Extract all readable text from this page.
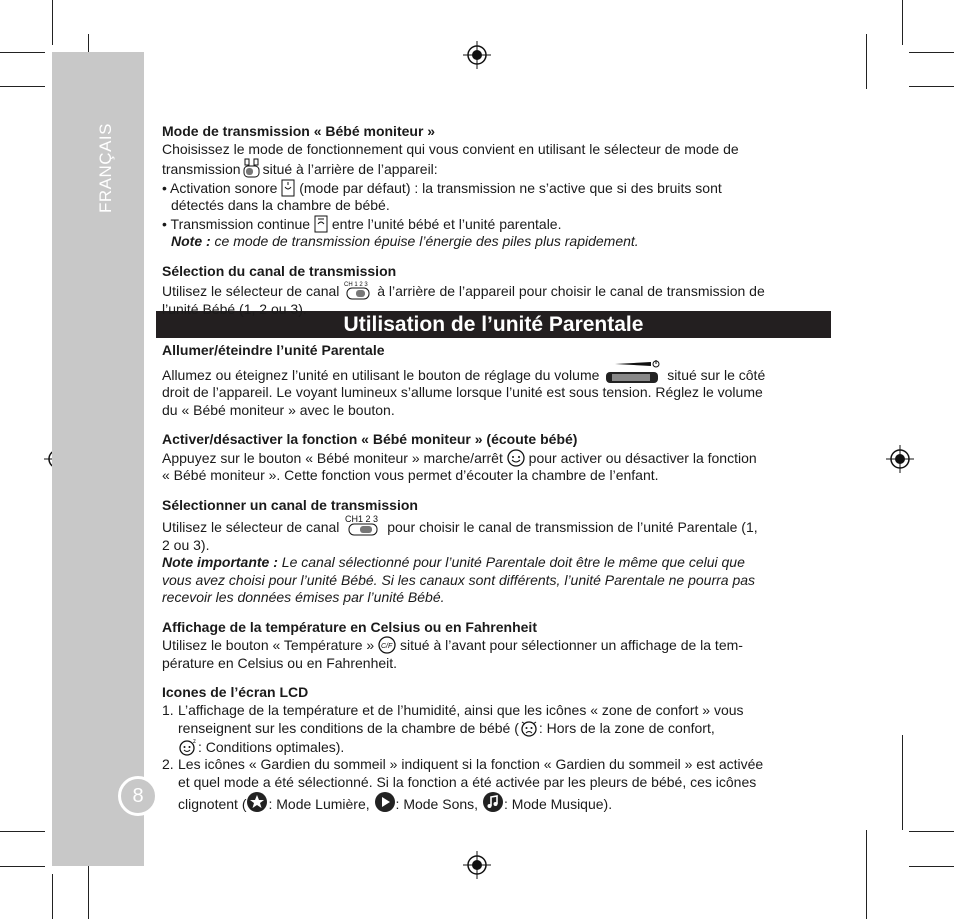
FRANÇAIS
8
Utilisation de l’unité Parentale

Mode de transmission « Bébé moniteur »

Choisissez le mode de fonctionnement qui vous convient en utilisant le sélecteur de mode de

transmission situé à l’arrière de l’appareil:

• Activation sonore (mode par défaut) : la transmission ne s’active que si des bruits sont

détectés dans la chambre de bébé.

• Transmission continue entre l’unité bébé et l’unité parentale.

Note : ce mode de transmission épuise l’énergie des piles plus rapidement.

Sélection du canal de transmission

Utilisez le sélecteur de canal CH 1 2 3 à l’arrière de l’appareil pour choisir le canal de transmission de

l’unité Bébé (1, 2 ou 3).

Allumer/éteindre l’unité Parentale

Allumez ou éteignez l’unité en utilisant le bouton de réglage du volume	situé sur le côté

droit de l’appareil. Le voyant lumineux s’allume lorsque l’unité est sous tension. Réglez le volume

du « Bébé moniteur » avec le bouton.

Activer/désactiver la fonction « Bébé moniteur » (écoute bébé)

Appuyez sur le bouton « Bébé moniteur » marche/arrêt pour activer ou désactiver la fonction

« Bébé moniteur ». Cette fonction vous permet d’écouter la chambre de l’enfant.

Sélectionner un canal de transmission

Utilisez le sélecteur de canal CH1 2 3 pour choisir le canal de transmission de l’unité Parentale (1,

2 ou 3).

Note importante : Le canal sélectionné pour l’unité Parentale doit être le même que celui que

vous avez choisi pour l’unité Bébé. Si les canaux sont différents, l’unité Parentale ne pourra pas

recevoir les données émises par l’unité Bébé.

Affichage de la température en Celsius ou en Fahrenheit

Utilisez le bouton « Température » C/F situé à l’avant pour sélectionner un affichage de la tem-

pérature en Celsius ou en Fahrenheit.

Icones de l’écran LCD

1. L’affichage de la température et de l’humidité, ainsi que les icônes « zone de confort » vous

renseignent sur les conditions de la chambre de bébé ( : Hors de la zone de confort,

z : Conditions optimales).

2. Les icônes « Gardien du sommeil » indiquent si la fonction « Gardien du sommeil » est activée

et quel mode a été sélectionné. Si la fonction a été activée par les pleurs de bébé, ces icônes

clignotent ( : Mode Lumière, : Mode Sons, : Mode Musique).
